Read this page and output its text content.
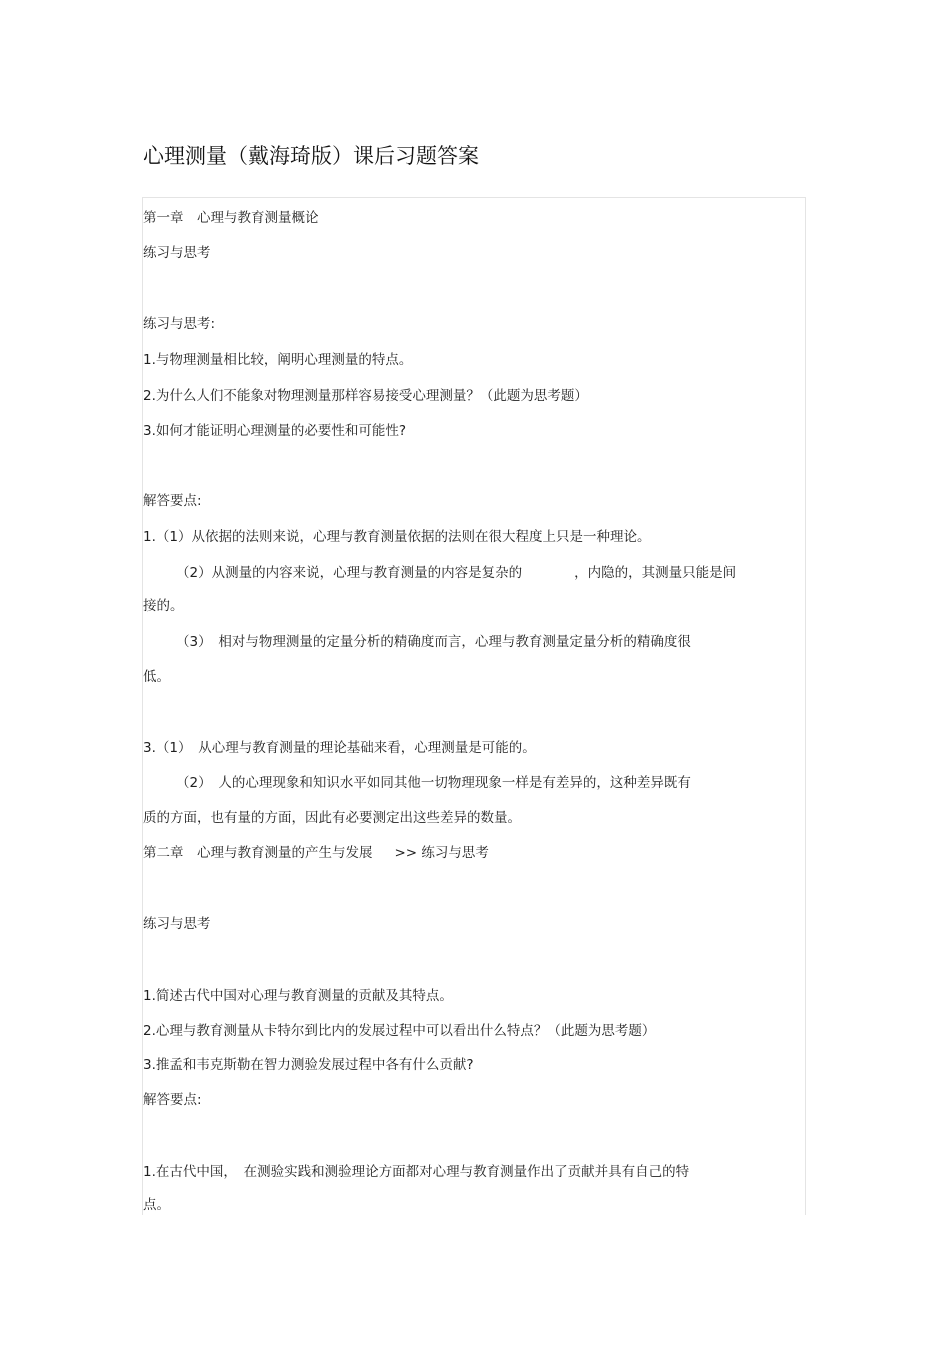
心理测量（戴海琦版）课后习题答案
第一章　心理与教育测量概论
练习与思考
练习与思考:
1.与物理测量相比较，阐明心理测量的特点。
2.为什么人们不能象对物理测量那样容易接受心理测量？（此题为思考题）
3.如何才能证明心理测量的必要性和可能性?
解答要点:
1.（1）从依据的法则来说，心理与教育测量依据的法则在很大程度上只是一种理论。
（2）从测量的内容来说，心理与教育测量的内容是复杂的	，内隐的，其测量只能是间
接的。
（3）　相对与物理测量的定量分析的精确度而言，心理与教育测量定量分析的精确度很
低。
3.（1）　从心理与教育测量的理论基础来看，心理测量是可能的。
（2）　人的心理现象和知识水平如同其他一切物理现象一样是有差异的，这种差异既有
质的方面，也有量的方面，因此有必要测定出这些差异的数量。
第二章　心理与教育测量的产生与发展 >> 练习与思考
练习与思考
1.简述古代中国对心理与教育测量的贡献及其特点。
2.心理与教育测量从卡特尔到比内的发展过程中可以看出什么特点？（此题为思考题）
3.推孟和韦克斯勒在智力测验发展过程中各有什么贡献?
解答要点:
1.在古代中国，　在测验实践和测验理论方面都对心理与教育测量作出了贡献并具有自己的特
点。
